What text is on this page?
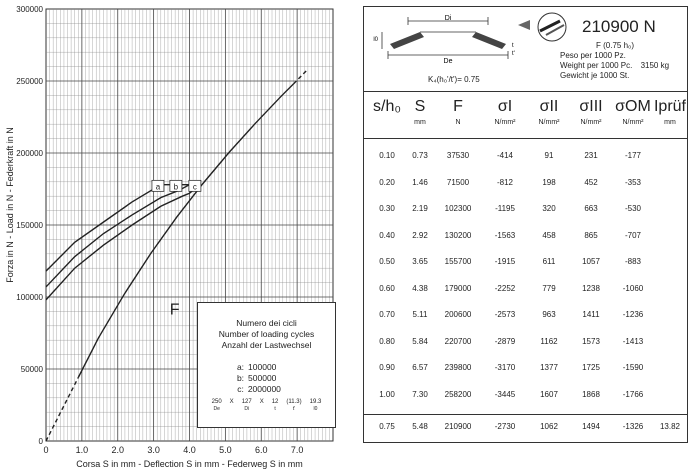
0	1.0	2.0	3.0	4.0	5.0	6.0	7.0
0
50000
100000
150000
200000
250000
300000
Corsa S in mm - Deflection S in mm - Federweg S in mm
Forza in N - Load in N - Federkraft in N
F
a b c
Numero dei cicli
Number of loading cycles
Anzahl der Lastwechsel
a: 100000
b: 500000
c: 2000000
250
De
X 127
Di
X 12
t
(11.3)
t'
19.3
l0
Di
De
l0
t
t'
210900 N
F (0.75 h₀)
Peso per 1000 Pz.
Weight per 1000 Pc. 3150 kg
Gewicht je 1000 St.
K₄(h₀'/t')= 0.75
s/h₀ S
mm
F
N
σI
N/mm²
σII
N/mm²
σIII
N/mm²
σOM
N/mm²
Iprüf
mm
0.10	0.73	37530	-414	91	231	-177
0.20	1.46	71500	-812	198	452	-353
0.30	2.19	102300	-1195	320	663	-530
0.40	2.92	130200	-1563	458	865	-707
0.50	3.65	155700	-1915	611	1057	-883
0.60	4.38	179000	-2252	779	1238	-1060
0.70	5.11	200600	-2573	963	1411	-1236
0.80	5.84	220700	-2879	1162	1573	-1413
0.90	6.57	239800	-3170	1377	1725	-1590
1.00	7.30	258200	-3445	1607	1868	-1766
0.75	5.48	210900	-2730	1062	1494	-1326	13.82
